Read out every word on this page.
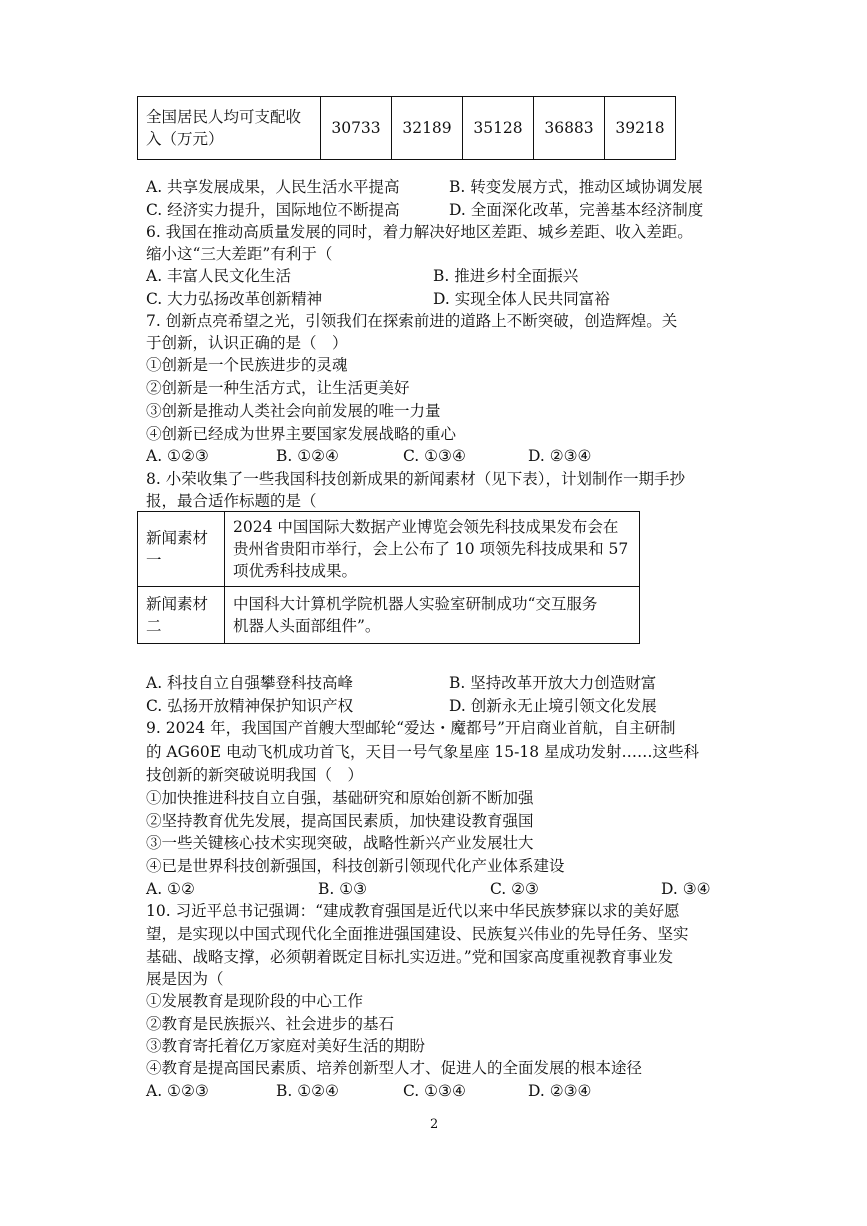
全国居民人均可支配收
入（万元）	30733	32189	35128	36883	39218
A. 共享发展成果，人民生活水平提高	B. 转变发展方式，推动区域协调发展
C. 经济实力提升，国际地位不断提高	D. 全面深化改革，完善基本经济制度
6. 我国在推动高质量发展的同时，着力解决好地区差距、城乡差距、收入差距。
缩小这“三大差距”有利于（
A. 丰富人民文化生活	B. 推进乡村全面振兴
C. 大力弘扬改革创新精神	D. 实现全体人民共同富裕
7. 创新点亮希望之光，引领我们在探索前进的道路上不断突破，创造辉煌。关
于创新，认识正确的是（　）
①创新是一个民族进步的灵魂
②创新是一种生活方式，让生活更美好
③创新是推动人类社会向前发展的唯一力量
④创新已经成为世界主要国家发展战略的重心
A. ①②③	B. ①②④	C. ①③④	D. ②③④
8. 小荣收集了一些我国科技创新成果的新闻素材（见下表），计划制作一期手抄
报，最合适作标题的是（
新闻素材
一	2024 中国国际大数据产业博览会领先科技成果发布会在
贵州省贵阳市举行，会上公布了 10 项领先科技成果和 57
项优秀科技成果。
新闻素材
二	中国科大计算机学院机器人实验室研制成功“交互服务
机器人头面部组件”。
A. 科技自立自强攀登科技高峰	B. 坚持改革开放大力创造财富
C. 弘扬开放精神保护知识产权	D. 创新永无止境引领文化发展
9. 2024 年，我国国产首艘大型邮轮“爱达・魔都号”开启商业首航，自主研制
的 AG60E 电动飞机成功首飞，天目一号气象星座 15-18 星成功发射……这些科
技创新的新突破说明我国（　）
①加快推进科技自立自强，基础研究和原始创新不断加强
②坚持教育优先发展，提高国民素质，加快建设教育强国
③一些关键核心技术实现突破，战略性新兴产业发展壮大
④已是世界科技创新强国，科技创新引领现代化产业体系建设
A. ①②	B. ①③	C. ②③	D. ③④
10. 习近平总书记强调：“建成教育强国是近代以来中华民族梦寐以求的美好愿
望，是实现以中国式现代化全面推进强国建设、民族复兴伟业的先导任务、坚实
基础、战略支撑，必须朝着既定目标扎实迈进。”党和国家高度重视教育事业发
展是因为（
①发展教育是现阶段的中心工作
②教育是民族振兴、社会进步的基石
③教育寄托着亿万家庭对美好生活的期盼
④教育是提高国民素质、培养创新型人才、促进人的全面发展的根本途径
A. ①②③	B. ①②④	C. ①③④	D. ②③④
2
